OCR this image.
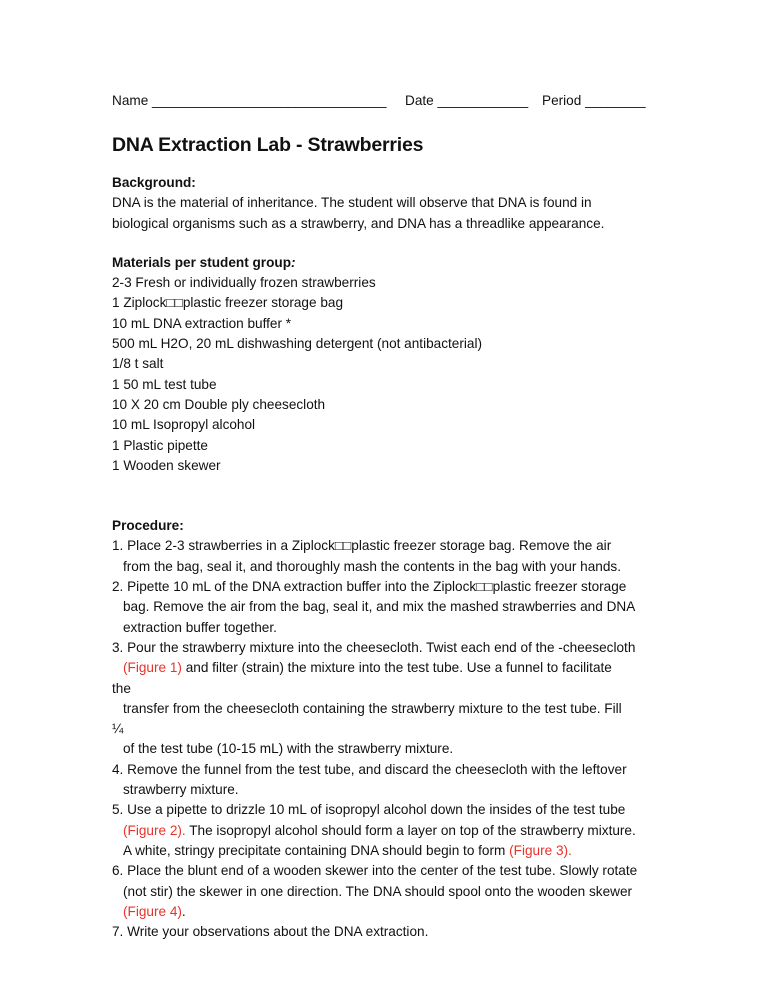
Name _______________________________	Date ____________	Period ________
DNA Extraction Lab - Strawberries
Background:
DNA is the material of inheritance. The student will observe that DNA is found in
biological organisms such as a strawberry, and DNA has a threadlike appearance.
Materials per student group:
2-3 Fresh or individually frozen strawberries
1 Ziplock□□plastic freezer storage bag
10 mL DNA extraction buffer *
500 mL H2O, 20 mL dishwashing detergent (not antibacterial)
1/8 t salt
1 50 mL test tube
10 X 20 cm Double ply cheesecloth
10 mL Isopropyl alcohol
1 Plastic pipette
1 Wooden skewer
Procedure:
1. Place 2-3 strawberries in a Ziplock□□plastic freezer storage bag. Remove the air
from the bag, seal it, and thoroughly mash the contents in the bag with your hands.
2. Pipette 10 mL of the DNA extraction buffer into the Ziplock□□plastic freezer storage
bag. Remove the air from the bag, seal it, and mix the mashed strawberries and DNA
extraction buffer together.
3. Pour the strawberry mixture into the cheesecloth. Twist each end of the -cheesecloth
(Figure 1) and filter (strain) the mixture into the test tube. Use a funnel to facilitate
the
transfer from the cheesecloth containing the strawberry mixture to the test tube. Fill
¼
of the test tube (10-15 mL) with the strawberry mixture.
4. Remove the funnel from the test tube, and discard the cheesecloth with the leftover
strawberry mixture.
5. Use a pipette to drizzle 10 mL of isopropyl alcohol down the insides of the test tube
(Figure 2). The isopropyl alcohol should form a layer on top of the strawberry mixture.
A white, stringy precipitate containing DNA should begin to form (Figure 3).
6. Place the blunt end of a wooden skewer into the center of the test tube. Slowly rotate
(not stir) the skewer in one direction. The DNA should spool onto the wooden skewer
(Figure 4).
7. Write your observations about the DNA extraction.
